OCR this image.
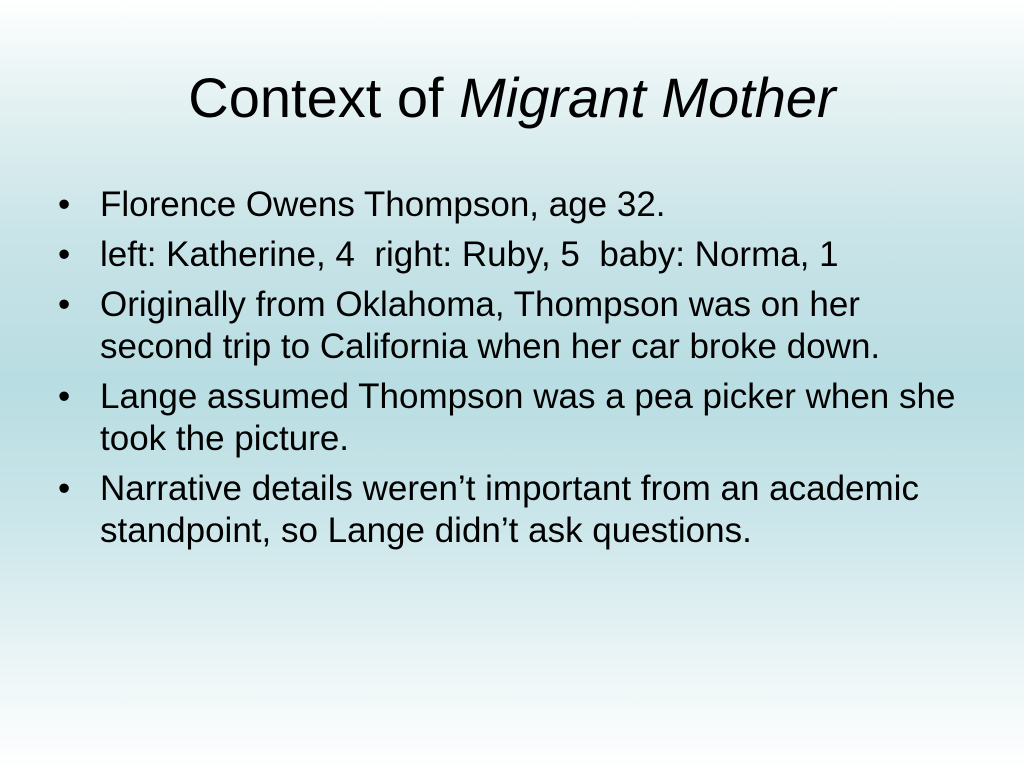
Context of Migrant Mother
• Florence Owens Thompson, age 32.
• left: Katherine, 4  right: Ruby, 5  baby: Norma, 1
• Originally from Oklahoma, Thompson was on her second trip to California when her car broke down.
• Lange assumed Thompson was a pea picker when she took the picture.
• Narrative details weren’t important from an academic standpoint, so Lange didn’t ask questions.
